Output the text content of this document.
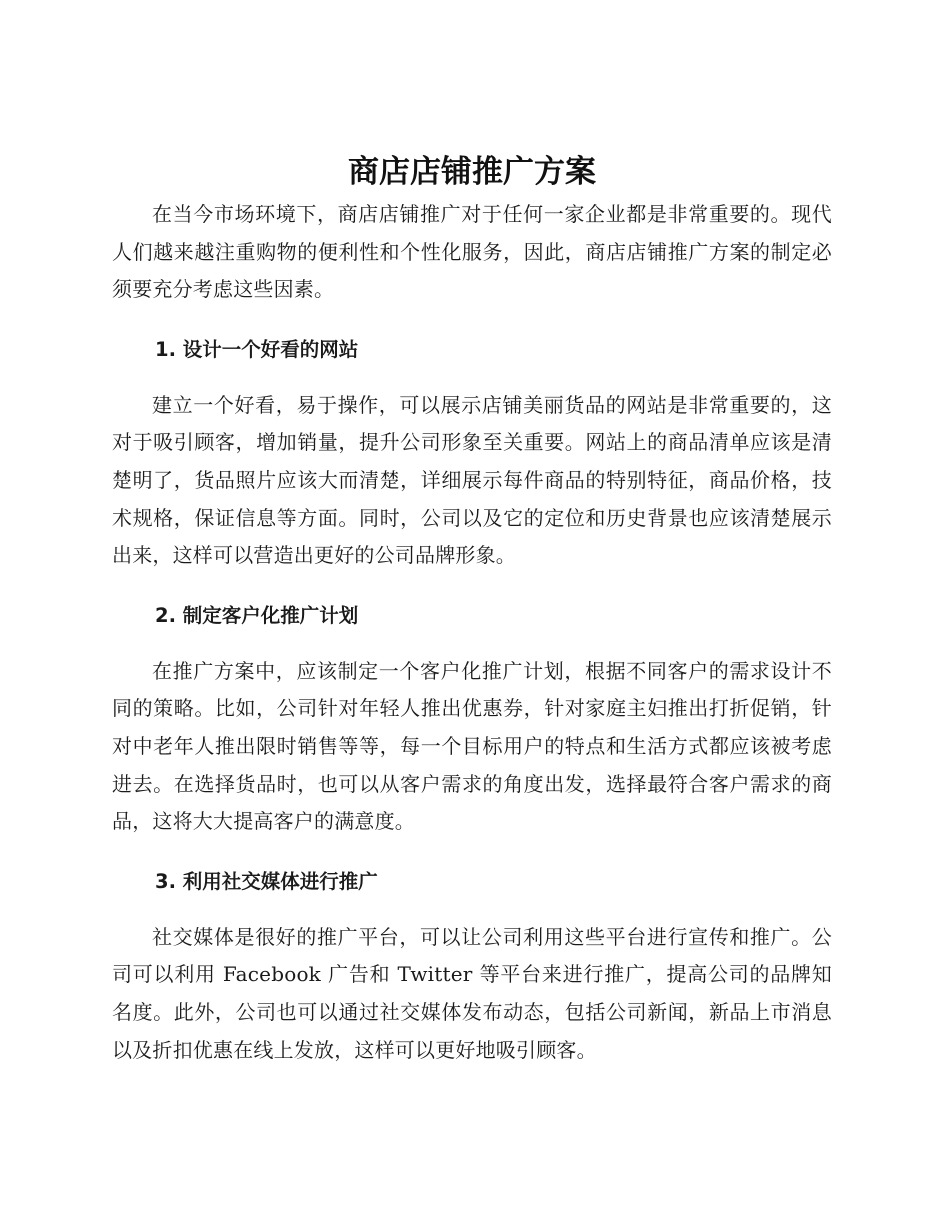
商店店铺推广方案

在当今市场环境下，商店店铺推广对于任何一家企业都是非常重要的。现代人们越来越注重购物的便利性和个性化服务，因此，商店店铺推广方案的制定必须要充分考虑这些因素。

1. 设计一个好看的网站

建立一个好看，易于操作，可以展示店铺美丽货品的网站是非常重要的，这对于吸引顾客，增加销量，提升公司形象至关重要。网站上的商品清单应该是清楚明了，货品照片应该大而清楚，详细展示每件商品的特别特征，商品价格，技术规格，保证信息等方面。同时，公司以及它的定位和历史背景也应该清楚展示出来，这样可以营造出更好的公司品牌形象。

2. 制定客户化推广计划

在推广方案中，应该制定一个客户化推广计划，根据不同客户的需求设计不同的策略。比如，公司针对年轻人推出优惠券，针对家庭主妇推出打折促销，针对中老年人推出限时销售等等，每一个目标用户的特点和生活方式都应该被考虑进去。在选择货品时，也可以从客户需求的角度出发，选择最符合客户需求的商品，这将大大提高客户的满意度。

3. 利用社交媒体进行推广

社交媒体是很好的推广平台，可以让公司利用这些平台进行宣传和推广。公司可以利用 Facebook 广告和 Twitter 等平台来进行推广，提高公司的品牌知名度。此外，公司也可以通过社交媒体发布动态，包括公司新闻，新品上市消息以及折扣优惠在线上发放，这样可以更好地吸引顾客。
